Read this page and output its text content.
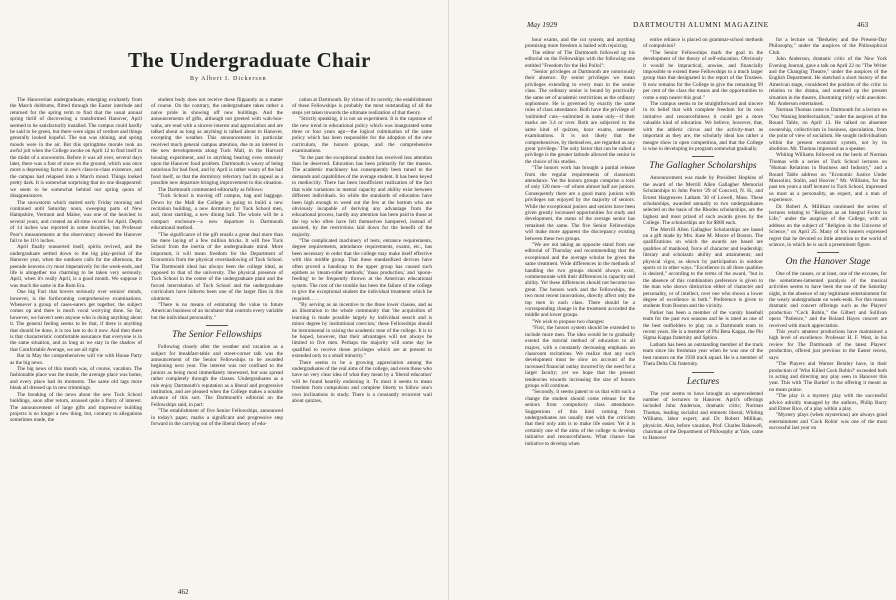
The Undergraduate Chair
By Albert I. Dickerson

The Hanoverian undergraduate, emerging exultantly from the March doldrums, flitted through the Easter interlude and returned for the spring term to find that the usual annual spring thrill of discovering a transformed Hanover, April seemed to be satisfactorily installed. The campus could hardly be said to be green, but there were signs of verdure and things generally looked hopeful. The sun was shining, and spring moods were in the air. But this springtime morale took an awful jolt when the College awoke on April 12 to find itself in the midst of a snowstorm. Before it was all over, several days later, there was a foot of snow on the ground, which was once more a depressing factor in one's class-to-class existence, and the campus had relapsed into a March mood. Things looked pretty dark. It is somewhat surprising that no one disappeared: we seem to be somewhat behind our spring quota of disappearances.

The snowstorm which started early Friday morning and continued until Saturday noon, sweeping parts of New Hampshire, Vermont and Maine, was one of the heaviest in several years, and created an all-time record for April. Depth of 14 inches was reported in some localities, but Professor Poor's measurements at the observatory showed the Hanover fall to be 11½ inches.

April finally reasserted itself, spirits revived, and the undergraduate settled down to the big play-period of the Hanover year, when the outdoors calls for the afternoon, the peerade heavens cry most imperatively for the week-ends, and life is altogether too charming to be taken very seriously. April, when it's really April, is a good month. We suppose it was much the same in the Rum Era.

One big Fact that hovers seriously over seniors' minds, however, is the forthcoming comprehensive examinations. Whenever a group of cases-earers get together, the subject comes up and there is much vocal worrying done. So far, however, we haven't seen anyone who is doing anything about it. The general feeling seems to be that, if there is anything that should be done, it is too late to do it now. And then there is that characteristic comfortable assurance that everyone is in the same situation, and as long as we stay in the shadow of that Comfortable Average, we are all right.

But in May the comprehensives will vie with House Party as the big news.

The big news of this month was, of course, vacation. The fashionable place was the musle, the average place was home, and every place had its moments. The same old tags more bleak all dressed up in new trimmings.

The breaking of the news about the new Tuck School buildings, soon after return, aroused quite a flurry of interest. The announcement of large gifts and impressive building projects is no longer a new thing, but, contrary to allegations sometimes made, the

student body does not receive these flippantly as a matter of course. On the contrary, the undergraduate takes rather a naive pride in showing off new buildings. And the announcements of gifts, although not greeted with wah-hoo-wahs, are read with a sincere interest and appreciation and are talked about as long as anything is talked about in Hanover, excepting the weather. This announcement in particular received much general campus attention, due to an interest in the new developments along Tuck Mall, in the Harvard housing experiment, and in anything bearing even remotely upon the Hanover food problem. Dartmouth is weary of being notorious for bad food, and by April is rather weary of the bad food itself, so that the dormitory refectory had its appeal as a possible new departure bringing improvement to this situation.

The Dartmouth commented editorially as follows:

"Tuck School is moving off campus, bag and baggage. Down by the Mall the College is going to build a new recitation building, a new dormitory for Tuck School men, and, most startling, a new dining hall. The whole will be a compact enclosure—a new departure in Dartmouth educational method.

"The significance of the gift entails a great deal more than the mere laying of a few million bricks. It will free Tuck School from the inertia of the undergraduate mind. More important, it will mean freedom for the Department of Economics from the physical overshadowing of Tuck School. The Dartmouth ideal has always been the college ideal, as opposed to that of the university. The physical presence of Tuck School in the center of the undergraduate plant and the forced interrelation of Tuck School and the undergraduate curriculum have hitherto been one of the larger flies in this ointment.

"There is no means of estimating the value to future American business of an incubator that controls every variable but the individual personality."

The Senior Fellowships

Following closely after the weather and vacation as a subject for breakfast-table and street-corner talk was the announcement of the Senior Fellowships to be awarded beginning next year. The interest was not confined to the juniors as being most immediately interested, but was spread rather completely through the classes. Undergraduates as a rule enjoy Dartmouth's reputation as a liberal and progressive institution, and are pleased when the College makes a notable advance of this sort. The Dartmouth's editorial on the Fellowships said, in part:

"The establishment of five Senior Fellowships, announced in today's paper, marks a significant and progressive step forward in the carrying out of the liberal theory of edu-

cation at Dartmouth. By virtue of its novelty, the establishment of these Fellowships is probably the most outstanding of all the steps yet taken towards the ultimate realization of that theory.

"Strictly speaking, it is not an experiment. It is the capstone of the new trend in educational policy which was inaugurated some three or four years ago—the logical culmination of the same policy which has been responsible for the adoption of the new curriculum, the honors groups, and the comprehensive examinations.

"In the past the exceptional student has received less attention than he deserved. Education has been primarily for the masses. The academic machinery has consequently been tuned to the demands and capabilities of the average student. It has been keyed to mediocrity. There has been insufficient realization of the fact that wide variations in mental capacity and ability exist between different individuals. So while the standards of education have been high enough to weed out the few at the bottom who are obviously incapable of deriving any advantage from the educational process, hardly any attention has been paid to those at the top who often have felt themselves hampered, instead of assisted, by the restrictions laid down for the benefit of the majority.

"The complicated machinery of tests, entrance requirements, degree requirements, attendance requirements, exams, etc., has been necessary in order that the college may make itself effective with this middle group. That these standardized devices have often proved a handicap to the upper group has caused such epithets as 'steam-roller methods,' 'mass production,' and 'spoon-feeding' to be frequently thrown at the American educational system. The root of the trouble has been the failure of the college to give the exceptional student the individual treatment which he required. . . .

"By serving as an incentive to the three lower classes, and as an illustration to the whole community that 'the acquisition of learning is made possible largely by individual search and is minor degree by institutional coercion,' these Fellowships should be instrumental in raising the academic tone of the college. It is to be hoped, however, that their advantages will not always be limited to five men. Perhaps the majority will some day be qualified to receive those privileges which are at present to extended only to a small minority."

There seems to be a growing appreciation among the undergraduates of the real aims of the college, and even those who have no very clear idea of what they mean by a 'liberal education' will be found heartily endorsing it. To most it seems to mean freedom from compulsion and complete liberty to follow one's own inclinations in study. There is a constantly recurrent wail about quizzes,

462
May 1929	DARTMOUTH ALUMNI MAGAZINE	463

hour exams, and the cut system, and anything promising more freedom is hailed with rejoicing.

The editor of The Dartmouth followed up his editorial on the Fellowships with the following one entitled "Freedom for the Hoi Polloi":

"Senior privileges at Dartmouth are notoriously their absence. By senior privileges we mean privileges extending to every man in the senior class. The ordinary senior is bound by practically the same set of academic restrictions as the ordinary sophomore. He is governed by exactly the same rules of class attendance. Both have the privilege of 'unlimited' cuts—unlimited in name only—if their marks are 3.4 or over. Both are subjected to the same kind of quizzes, hour exams, semester examinations. It is not likely that the comprehensives, by themselves, are regarded as any great 'privilege.' The only factor that can be called a privilege is the greater latitude allowed the senior in the choice of his studies.

"The honors work has brought a partial release from the regular requirements of classroom attendance. Yet the honors groups comprise a total of only 120 men—of whom almost half are juniors. Consequently there are a good many juniors with privileges not enjoyed by the majority of seniors. While the exceptional juniors and seniors have been given greatly increased opportunities for study and development, the status of the average senior has remained the same. The five Senior Fellowships will make more apparent the discrepancy existing between these two groups.

"We are not taking an opposite stand from our editorial of Thursday and recommending that the exceptional and the average scholar be given the same treatment. Wide differences in the methods of handling the two groups should always exist, commensurate with their differences in capacity and ability. Yet these differences should not become too great. The honors work and the Fellowships, the two most recent innovations, directly affect only the top men in each class. There should be a corresponding change in the treatment accorded the middle and lower groups.

"We wish to propose two changes:

"First, the honors system should be extended to include more men. The idea would be to gradually extend the tutorial method of education to all majors, with a constantly decreasing emphasis on classroom recitations. We realize that any such development must be slow on account of the increased financial outlay incurred by the need for a larger faculty; yet we hope that the present tendencies towards increasing the size of honors groups will continue.

"Secondly, it seems patent to us that with such a change the student should come release for the seniors from compulsory class attendance. Suggestions of this kind coming from undergraduates are usually met with the criticism that their only aim is to make life easier. Yet it is certainly one of the aims of the college to develop initiative and resourcefulness. What chance has initiative to develop when

entire reliance is placed on grammar-school methods of compulsion?

"The Senior Fellowships mark the goal in the development of the theory of self-education. Obviously it would be impractical, unwise, and financially impossible to extend these Fellowships to a much larger group than that designated in the report of the Trustees. It now remains for the College to give the remaining 99 per cent of the class the means and the opportunities to come a step nearer this goal."

The campus seems to be straightforward and sincere in its belief that with complete freedom for its own initiative and resourcefulness it could get a more valuable kind of education. We believe, however, that, with the athletic circus and the activity-mart as important as they are, the scholarly ideal has rather a meagre show in open competition, and that the College is wise in developing its program somewhat gradually.

The Gallagher Scholarships

Announcement was made by President Hopkins of the award of the Merrill Allen Gallagher Memorial Scholarships to John Porter '29 of Concord, N. H., and Ernest Hargreaves Latham '30 of Lowell, Mass. These scholarships, awarded annually to two undergraduates selected on the basis of the Rhodes scholarships, are the highest and most prized of such awards given by the College. The scholarships are for $800 each.

The Merrill Allen Gallagher Scholarships are based on a gift made by Mrs. Kate M. Moore of Boston. The qualifications on which the awards are based are qualities of manhood, force of character and leadership; literary and scholastic ability and attainments; and physical vigor, as shown by participation in outdoor sports or in other ways. "Excellence in all three qualities is desired," according to the terms of the award, "but in the absence of this combination preference is given to the man who shows distinction either of character and personality, or of intellect, over one who shows a lower degree of excellence in both." Preference is given to students from Boston and the vicinity.

Parker has been a member of the varsity baseball team for the past two seasons and he is rated as one of the best outfielders to play on a Dartmouth team in recent years. He is a member of Phi Beta Kappa, the Phi Sigma Kappa fraternity and Sphinx.

Latham has been an outstanding member of the track team since his freshman year when he was one of the best runners on the 1930 track squad. He is a member of Theta Delta Chi fraternity.

Lectures

The year seems to have brought an unprecedented number of lecturers to Hanover. April's offerings included John Anderson, dramatic critic; Norman Thomas, leading socialist and eminent liberal; Whiting Williams, labor expert; and Dr. Robert Millikan, physicist. Also, before vacation, Prof. Charles Bakewell, chairman of the Department of Philosophy at Yale, came to Hanover

for a lecture on "Berkeley and the Present-Day Philosophy," under the auspices of the Philosophical Club.

John Anderson, dramatic critic of the New York Evening Journal, gave a talk on April 22 on "The Writer and the Changing Theatre," under the auspices of the English Department. He sketched a short history of the American stage, considered the position of the critic in relation to the drama, and summed up the present situation in the theatre, illustrating richly with anecdote. Mr. Anderson entertained.

Norman Thomas came to Dartmouth for a lecture on "Our Waning Intellectualism," under the auspices of the Round Table, on April 13. He talked on absentee ownership, collectivism in business, speculation, from the point of view of socialism. He sought individualism within the present economic system, not by its abolition. Mr. Thomas impressed as a speaker.

Whiting Williams followed on the heels of Norman Thomas with a series of Tuck School lectures on "Human Relations in Business and Industry," and a Round Table address on "Economic Justice Under Mussolini, Stalin, and Hoover." Mr. Williams, for the past ten years a staff lecturer in Tuck School, impressed us most as a personality, an expert, and a man of experience.

Dr. Robert A. Millikan continued the series of lectures relating to "Religion as an Integral Factor in Life," under the auspices of the College, with an address on the subject of "Religion in the Universe of Science," on April 25. Many of his hearers expressed regret that he devoted so little attention to the world of science, in which he is such a preeminent figure.

On the Hanover Stage

One of the causes, or at least, one of the excuses, for the sometimes-lamented paralysis of the musical activities seems to have been the use of the Saturday night, in the absence of any legitimate entertainment for the weary undergraduate on week-ends. For this reason dramatic and concert offerings such as the Players' production "Cock Robin," the Gilbert and Sullivan opera "Patience," and the Roland Hayes concert are received with much appreciation.

This year's amateur productions have maintained a high level of excellence. Professor H. F. West, in his review for The Dartmouth of the latest Players' production, offered just previous to the Easter recess, says:

"The Players and Warner Bentley have, in their production of 'Who Killed Cock Robin?' exceeded both in acting and directing any play seen in Hanover this year. This with 'The Barker' is the offering it meant as no mean praise.

"The play is a mystery play with the successful advice adroitly managed by the authors, Philip Barry and Elmer Rice, of a play within a play.

"Mystery plays (when mysterious) are always good entertainment and 'Cock Robin' was one of the most successful last year on
